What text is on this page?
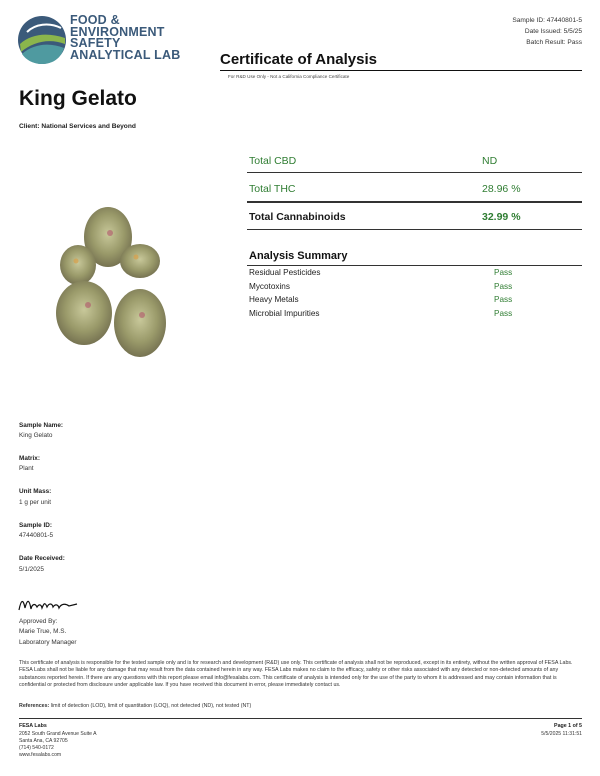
FOOD &
ENVIRONMENT
SAFETY
ANALYTICAL LAB
Sample ID: 47440801-5
Date Issued: 5/5/25
Batch Result: Pass
Certificate of Analysis
For R&D Use Only - Not a California Compliance Certificate
King Gelato
Client: National Services and Beyond
Total CBD	ND
Total THC	28.96 %
Total Cannabinoids	32.99 %
Analysis Summary
Residual Pesticides	Pass
Mycotoxins	Pass
Heavy Metals	Pass
Microbial Impurities	Pass
Sample Name:
King Gelato
Matrix:
Plant
Unit Mass:
1 g per unit
Sample ID:
47440801-5
Date Received:
5/1/2025
Approved By:
Marie True, M.S.
Laboratory Manager
This certificate of analysis is responsible for the tested sample only and is for research and development (R&D) use only. This certificate of analysis shall not be reproduced, except in its entirety, without the written approval of FESA Labs. FESA Labs shall not be liable for any damage that may result from the data contained herein in any way. FESA Labs makes no claim to the efficacy, safety or other risks associated with any detected or non-detected amounts of any substances reported herein. If there are any questions with this report please email info@fesalabs.com. This certificate of analysis is intended only for the use of the party to whom it is addressed and may contain information that is confidential or protected from disclosure under applicable law. If you have received this document in error, please immediately contact us.
References: limit of detection (LOD), limit of quantitation (LOQ), not detected (ND), not tested (NT)
FESA Labs
2052 South Grand Avenue Suite A
Santa Ana, CA 92705
(714) 540-0172
www.fesalabs.com
Page 1 of 5
5/5/2025 11:31:51
